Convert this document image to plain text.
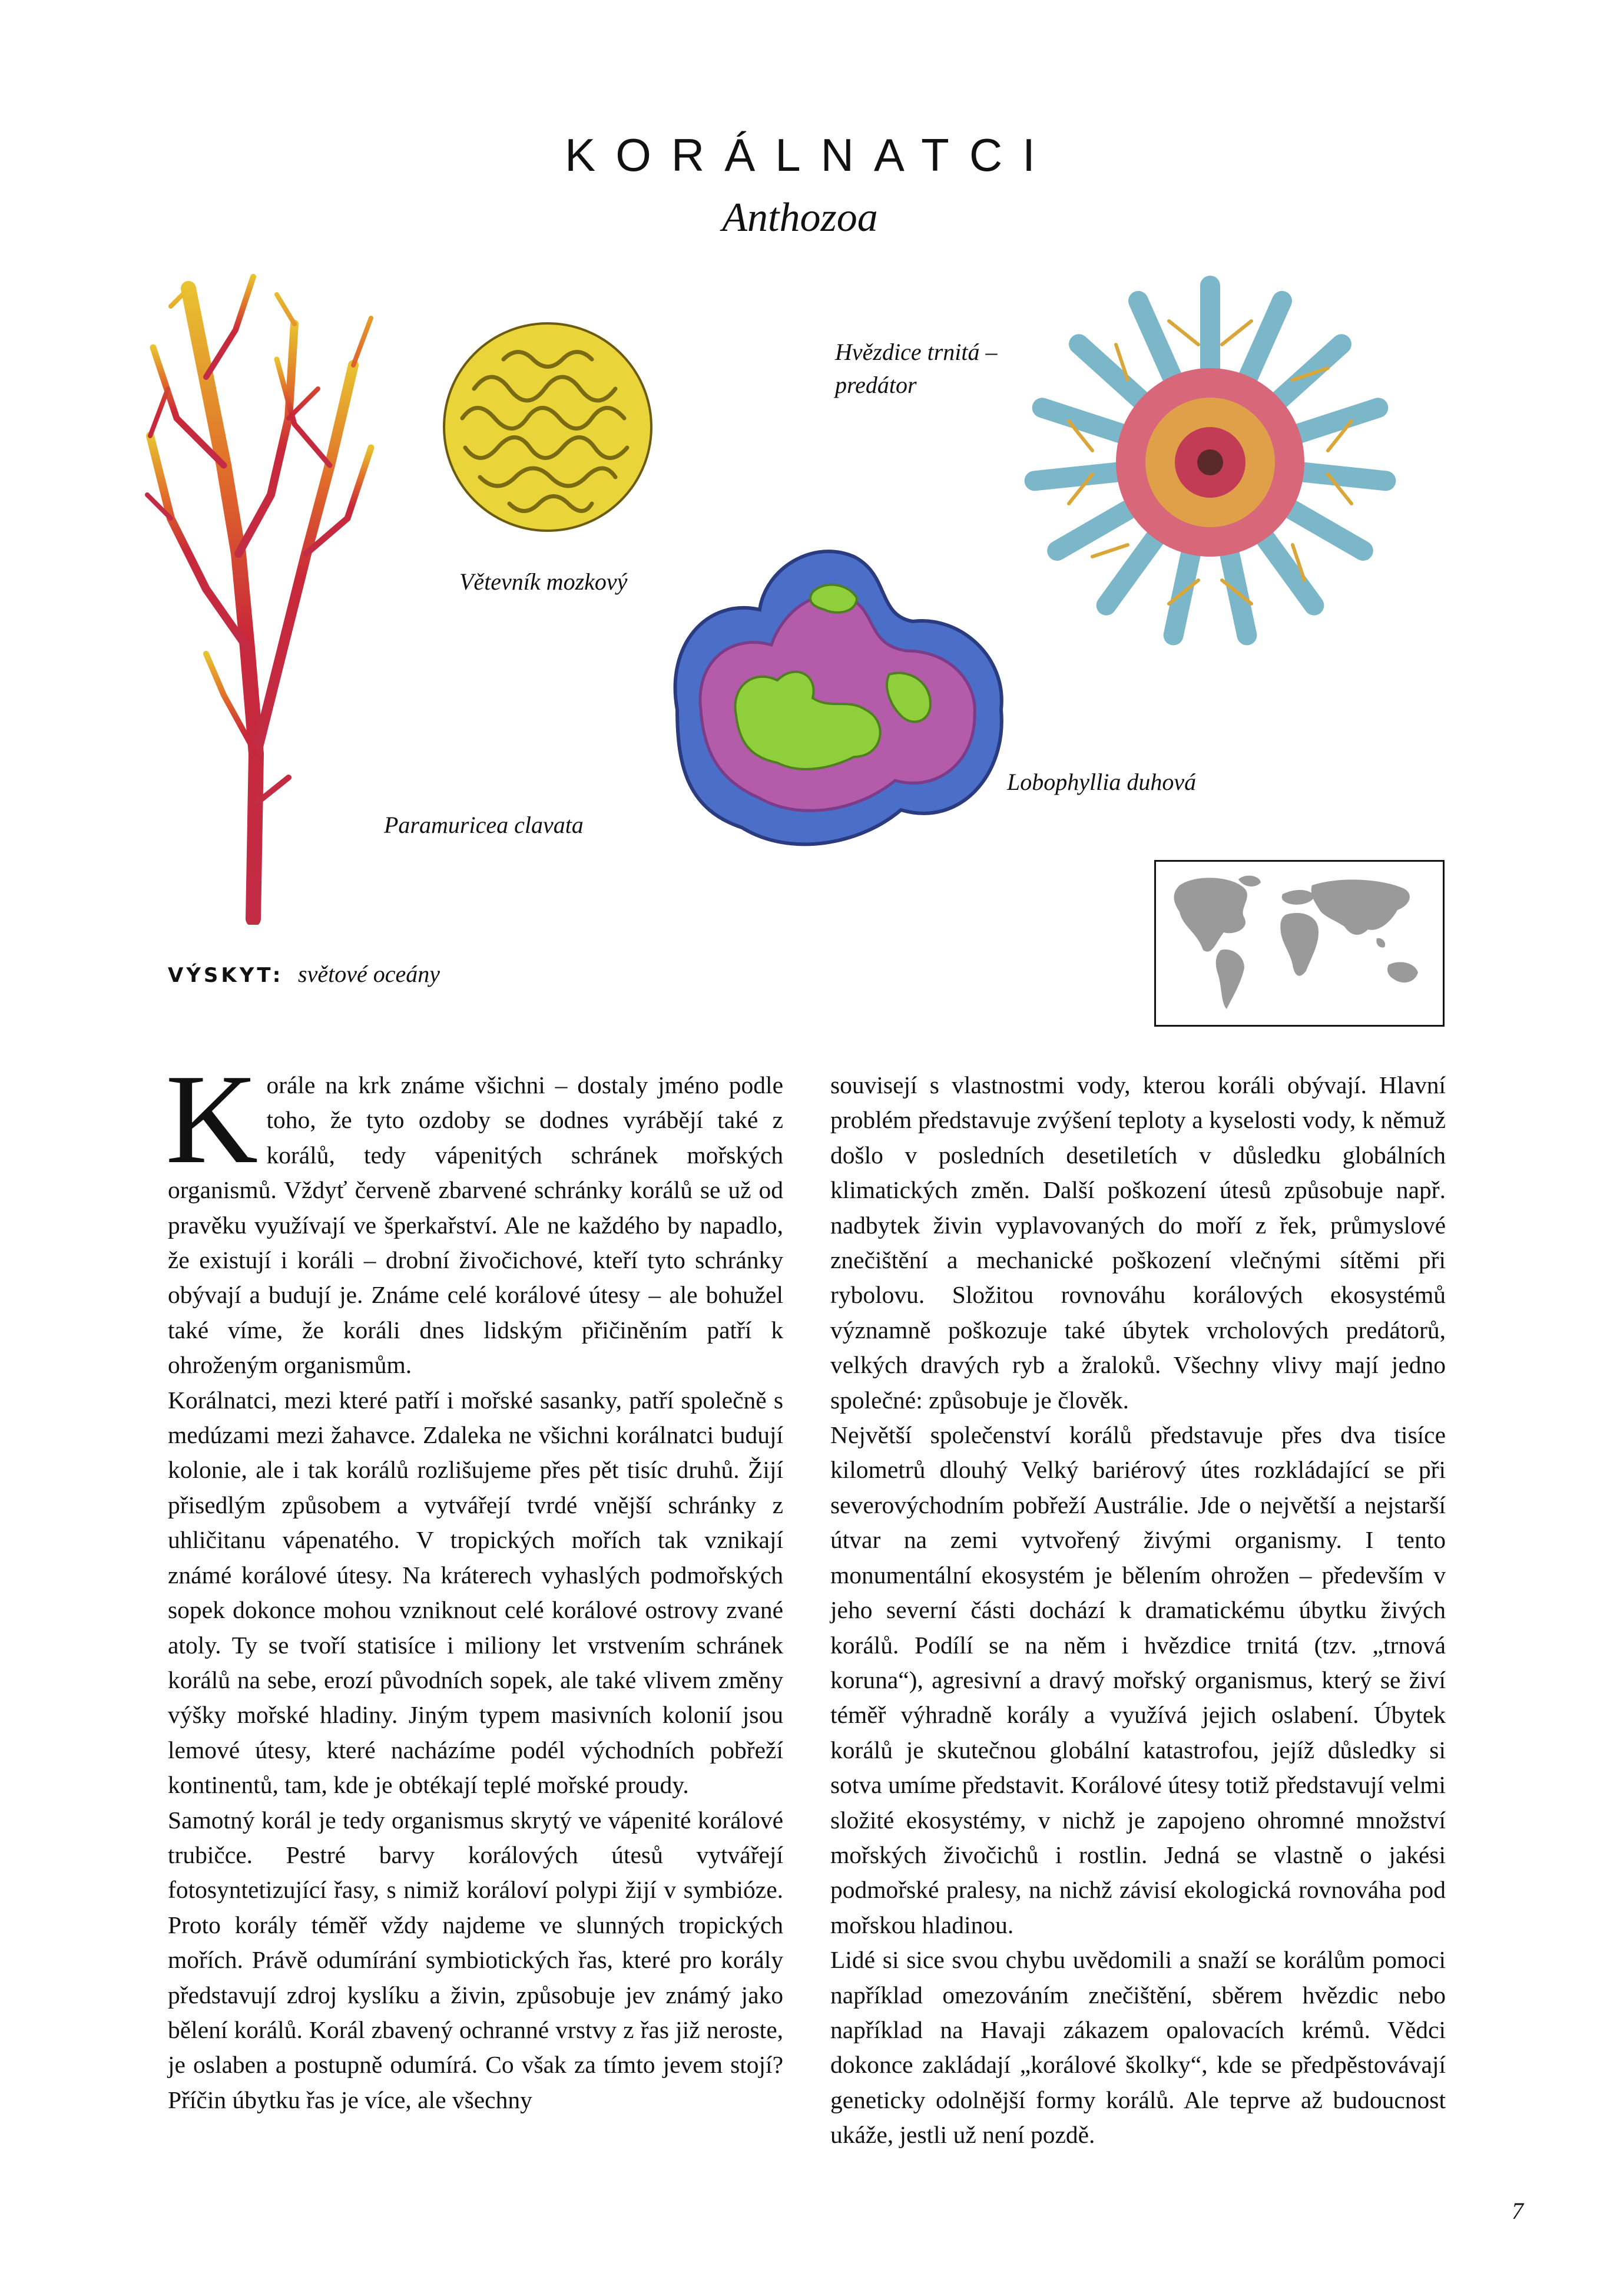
KORÁLNATCI
Anthozoa
Paramuricea clavata
Větevník mozkový
Lobophyllia duhová
Hvězdice trnitá –
predátor
VÝSKYT: světové oceány

Korále na krk známe všichni – dostaly jméno podle toho, že tyto ozdoby se dodnes vyrábějí také z korálů, tedy vápenitých schránek mořských organismů. Vždyť červeně zbarvené schránky korálů se už od pravěku využívají ve šperkařství. Ale ne každého by napadlo, že existují i koráli – drobní živočichové, kteří tyto schránky obývají a budují je. Známe celé korálové útesy – ale bohužel také víme, že koráli dnes lidským přičiněním patří k ohroženým organismům.

Korálnatci, mezi které patří i mořské sasanky, patří společně s medúzami mezi žahavce. Zdaleka ne všichni korálnatci budují kolonie, ale i tak korálů rozlišujeme přes pět tisíc druhů. Žijí přisedlým způsobem a vytvářejí tvrdé vnější schránky z uhličitanu vápenatého. V tropických mořích tak vznikají známé korálové útesy. Na kráterech vyhaslých podmořských sopek dokonce mohou vzniknout celé korálové ostrovy zvané atoly. Ty se tvoří statisíce i miliony let vrstvením schránek korálů na sebe, erozí původních sopek, ale také vlivem změny výšky mořské hladiny. Jiným typem masivních kolonií jsou lemové útesy, které nacházíme podél východních pobřeží kontinentů, tam, kde je obtékají teplé mořské proudy.

Samotný korál je tedy organismus skrytý ve vápenité korálové trubičce. Pestré barvy korálových útesů vytvářejí fotosyntetizující řasy, s nimiž koráloví polypi žijí v symbióze. Proto korály téměř vždy najdeme ve slunných tropických mořích. Právě odumírání symbiotických řas, které pro korály představují zdroj kyslíku a živin, způsobuje jev známý jako bělení korálů. Korál zbavený ochranné vrstvy z řas již neroste, je oslaben a postupně odumírá. Co však za tímto jevem stojí? Příčin úbytku řas je více, ale všechny

souvisejí s vlastnostmi vody, kterou koráli obývají. Hlavní problém představuje zvýšení teploty a kyselosti vody, k němuž došlo v posledních desetiletích v důsledku globálních klimatických změn. Další poškození útesů způsobuje např. nadbytek živin vyplavovaných do moří z řek, průmyslové znečištění a mechanické poškození vlečnými sítěmi při rybolovu. Složitou rovnováhu korálových ekosystémů významně poškozuje také úbytek vrcholových predátorů, velkých dravých ryb a žraloků. Všechny vlivy mají jedno společné: způsobuje je člověk.

Největší společenství korálů představuje přes dva tisíce kilometrů dlouhý Velký bariérový útes rozkládající se při severovýchodním pobřeží Austrálie. Jde o největší a nejstarší útvar na zemi vytvořený živými organismy. I tento monumentální ekosystém je bělením ohrožen – především v jeho severní části dochází k dramatickému úbytku živých korálů. Podílí se na něm i hvězdice trnitá (tzv. „trnová koruna“), agresivní a dravý mořský organismus, který se živí téměř výhradně korály a využívá jejich oslabení. Úbytek korálů je skutečnou globální katastrofou, jejíž důsledky si sotva umíme představit. Korálové útesy totiž představují velmi složité ekosystémy, v nichž je zapojeno ohromné množství mořských živočichů i rostlin. Jedná se vlastně o jakési podmořské pralesy, na nichž závisí ekologická rovnováha pod mořskou hladinou.

Lidé si sice svou chybu uvědomili a snaží se korálům pomoci například omezováním znečištění, sběrem hvězdic nebo například na Havaji zákazem opalovacích krémů. Vědci dokonce zakládají „korálové školky“, kde se předpěstovávají geneticky odolnější formy korálů. Ale teprve až budoucnost ukáže, jestli už není pozdě.

7
